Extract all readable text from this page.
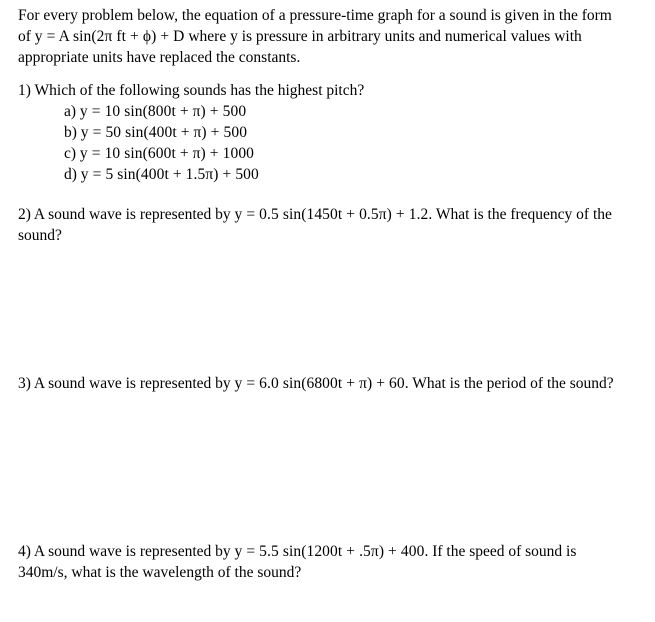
For every problem below, the equation of a pressure-time graph for a sound is given in the form of y = A sin(2π ft + ϕ) + D where y is pressure in arbitrary units and numerical values with appropriate units have replaced the constants.

1) Which of the following sounds has the highest pitch?

a) y = 10 sin(800t + π) + 500
b) y = 50 sin(400t + π) + 500
c) y = 10 sin(600t + π) + 1000
d) y = 5 sin(400t + 1.5π) + 500

2) A sound wave is represented by y = 0.5 sin(1450t + 0.5π) + 1.2. What is the frequency of the sound?

3) A sound wave is represented by y = 6.0 sin(6800t + π) + 60. What is the period of the sound?

4) A sound wave is represented by y = 5.5 sin(1200t + .5π) + 400. If the speed of sound is 340m/s, what is the wavelength of the sound?
